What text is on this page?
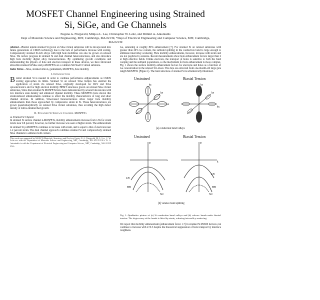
MOSFET Channel Engineering using Strained
Si, SiGe, and Ge Channels
Eugene A. Fitzgerald, Minjoo L. Lee, Christopher W. Leitz, and Dimitri A. Antoniadis
Dept of Materials Science and Engineering, MIT, Cambridge, MA 02139, *Dept of Electrical Engineering and Computer Science, MIT, Cambridge, MA 02139

Abstract—Biaxial tensile strained Si grown on SiGe virtual substrates will be incorporated into future generations of CMOS technology due to the lack of performance increase with scaling. Compressively strained Si-rich alloys with high hole mobilities can also be grown on relaxed SiGe. We review progress in strained Si and dual channel heterostructures, and also introduce high hole mobility digital alloy heterostructures. By optimizing growth conditions and understanding the physics of hole and electron transport in these devices, we have fabricated ultra-thin strained-Si/SiGe and p-MOSFETs on a common Si0.5Ge0.5 virtual substrate.

Index Terms—SiGe, strained silicon, germanium, MOSFETs, hole mobility

I. Introduction

Biaxial strained Si is needed in order to continue performance enhancements as CMOS scaling approaches its limits. Strained Si on relaxed SiGe buffers has enabled the application of strain via relaxed SiGe, originally developed for III-V and SiGe optoelectronics and for high electron mobility HEMT structures grown on relaxed SiGe virtual substrates. Since then strained Si MOSFETs have been demonstrated by several laboratories with low interface state density and enhanced channel mobility. These MOSFETs have shown that strain-induced enhancements continue to affect the mobility characteristics of long and short channel devices. In addition, SiGe-based heterostructures allow larger hole mobility enhancements than those approached by compressive strain in Si. These heterostructures are grown pseudomorphically on relaxed SiGe virtual substrates, thus avoiding the high defect density of lattice-mismatched growth.

II. Strained Si Surface Channel MOSFETs
A. Strained Si Channel

In strained Si surface channel n-MOSFETs, mobility enhancements increase from 1.8x for strain levels near 0.6 percent; however, no further increase was seen at higher strain. The enhancement in strained Si p-MOSFETs continues to increase with strain, and is equal to that of electrons near 1.2 percent strain. The dual channel approach combines strained Si and compressively strained SiGe channels to enhance both carriers.

This work was supported by MARCO Materials, Structures and Devices Center. E. A. Fitzgerald, M. L. Lee, C. W. Leitz are with the Department of Materials Science and Engineering, MIT, Cambridge, MA 02139 USA. D. A. Antoniadis is with the Department of Electrical Engineering and Computer Science, MIT, Cambridge, MA 02139 USA.

Ge, saturating at roughly 80% enhancement [7]. For strained Si on relaxed substrates with greater than 20% Ge content, the subband splitting in the conduction band is large enough to eliminate intervalley scattering. Hole mobility enhancements, however, increase with strain and are not predicted to saturate. Recent measurements show hole enhancement factors larger than 2 at high effective fields. Unlike electrons, the transport of holes is sensitive to both the band warping and the subband populations, so the mechanism for hole enhancement is more complex. Fig. 1 shows the surface mobility enhancement factors for electrons and holes as a function of Ge concentration in the relaxed Si1-xGex. The data are extracted from one-month-old large gate length MOSFETs (Figure 1). The band structure of strained Si is schematically illustrated.

Unstrained
kz
kx
ky
Biaxial Tension
kz
kx
ky
(a) conduction band valleys
Unstrained
E
k
LH
HH
SO
Biaxial Tension
E
k
LH
HH
SO
(b) valence band splitting
Fig. 1. Qualitative picture of (a) Si conduction band valleys and (b) valence bands under biaxial tension. The degeneracy of the bands is lifted by strain, reducing intervalley scattering.

We report that mobility enhancement (enhancement factor 1.7) in strained Si PMOS devices can continue to increase with x>0.5 despite the theoretical suppression of hole transport by interface roughness.
